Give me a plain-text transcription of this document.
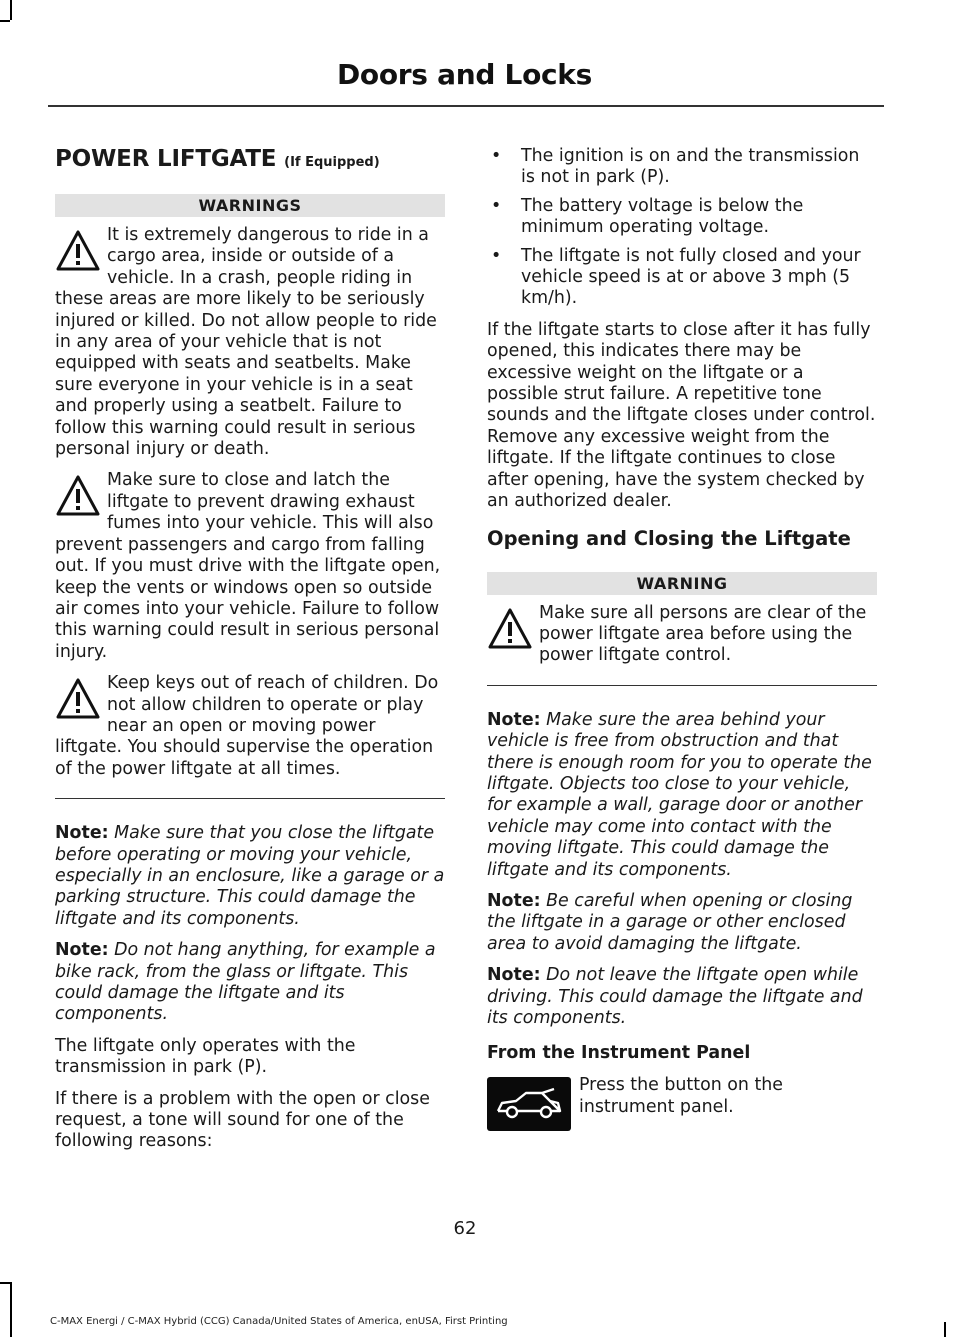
Doors and Locks
POWER LIFTGATE (If Equipped)
WARNINGS
It is extremely dangerous to ride in a cargo area, inside or outside of a vehicle. In a crash, people riding in these areas are more likely to be seriously injured or killed. Do not allow people to ride in any area of your vehicle that is not equipped with seats and seatbelts. Make sure everyone in your vehicle is in a seat and properly using a seatbelt. Failure to follow this warning could result in serious personal injury or death.
Make sure to close and latch the liftgate to prevent drawing exhaust fumes into your vehicle. This will also prevent passengers and cargo from falling out. If you must drive with the liftgate open, keep the vents or windows open so outside air comes into your vehicle. Failure to follow this warning could result in serious personal injury.
Keep keys out of reach of children. Do not allow children to operate or play near an open or moving power liftgate. You should supervise the operation of the power liftgate at all times.

Note: Make sure that you close the liftgate before operating or moving your vehicle, especially in an enclosure, like a garage or a parking structure. This could damage the liftgate and its components.

Note: Do not hang anything, for example a bike rack, from the glass or liftgate. This could damage the liftgate and its components.

The liftgate only operates with the transmission in park (P).

If there is a problem with the open or close request, a tone will sound for one of the following reasons:

• The ignition is on and the transmission is not in park (P).
• The battery voltage is below the minimum operating voltage.
• The liftgate is not fully closed and your vehicle speed is at or above 3 mph (5 km/h).

If the liftgate starts to close after it has fully opened, this indicates there may be excessive weight on the liftgate or a possible strut failure. A repetitive tone sounds and the liftgate closes under control. Remove any excessive weight from the liftgate. If the liftgate continues to close after opening, have the system checked by an authorized dealer.

Opening and Closing the Liftgate
WARNING
Make sure all persons are clear of the power liftgate area before using the power liftgate control.

Note: Make sure the area behind your vehicle is free from obstruction and that there is enough room for you to operate the liftgate. Objects too close to your vehicle, for example a wall, garage door or another vehicle may come into contact with the moving liftgate. This could damage the liftgate and its components.

Note: Be careful when opening or closing the liftgate in a garage or other enclosed area to avoid damaging the liftgate.

Note: Do not leave the liftgate open while driving. This could damage the liftgate and its components.

From the Instrument Panel

Press the button on the instrument panel.

62
C-MAX Energi / C-MAX Hybrid (CCG) Canada/United States of America, enUSA, First Printing
